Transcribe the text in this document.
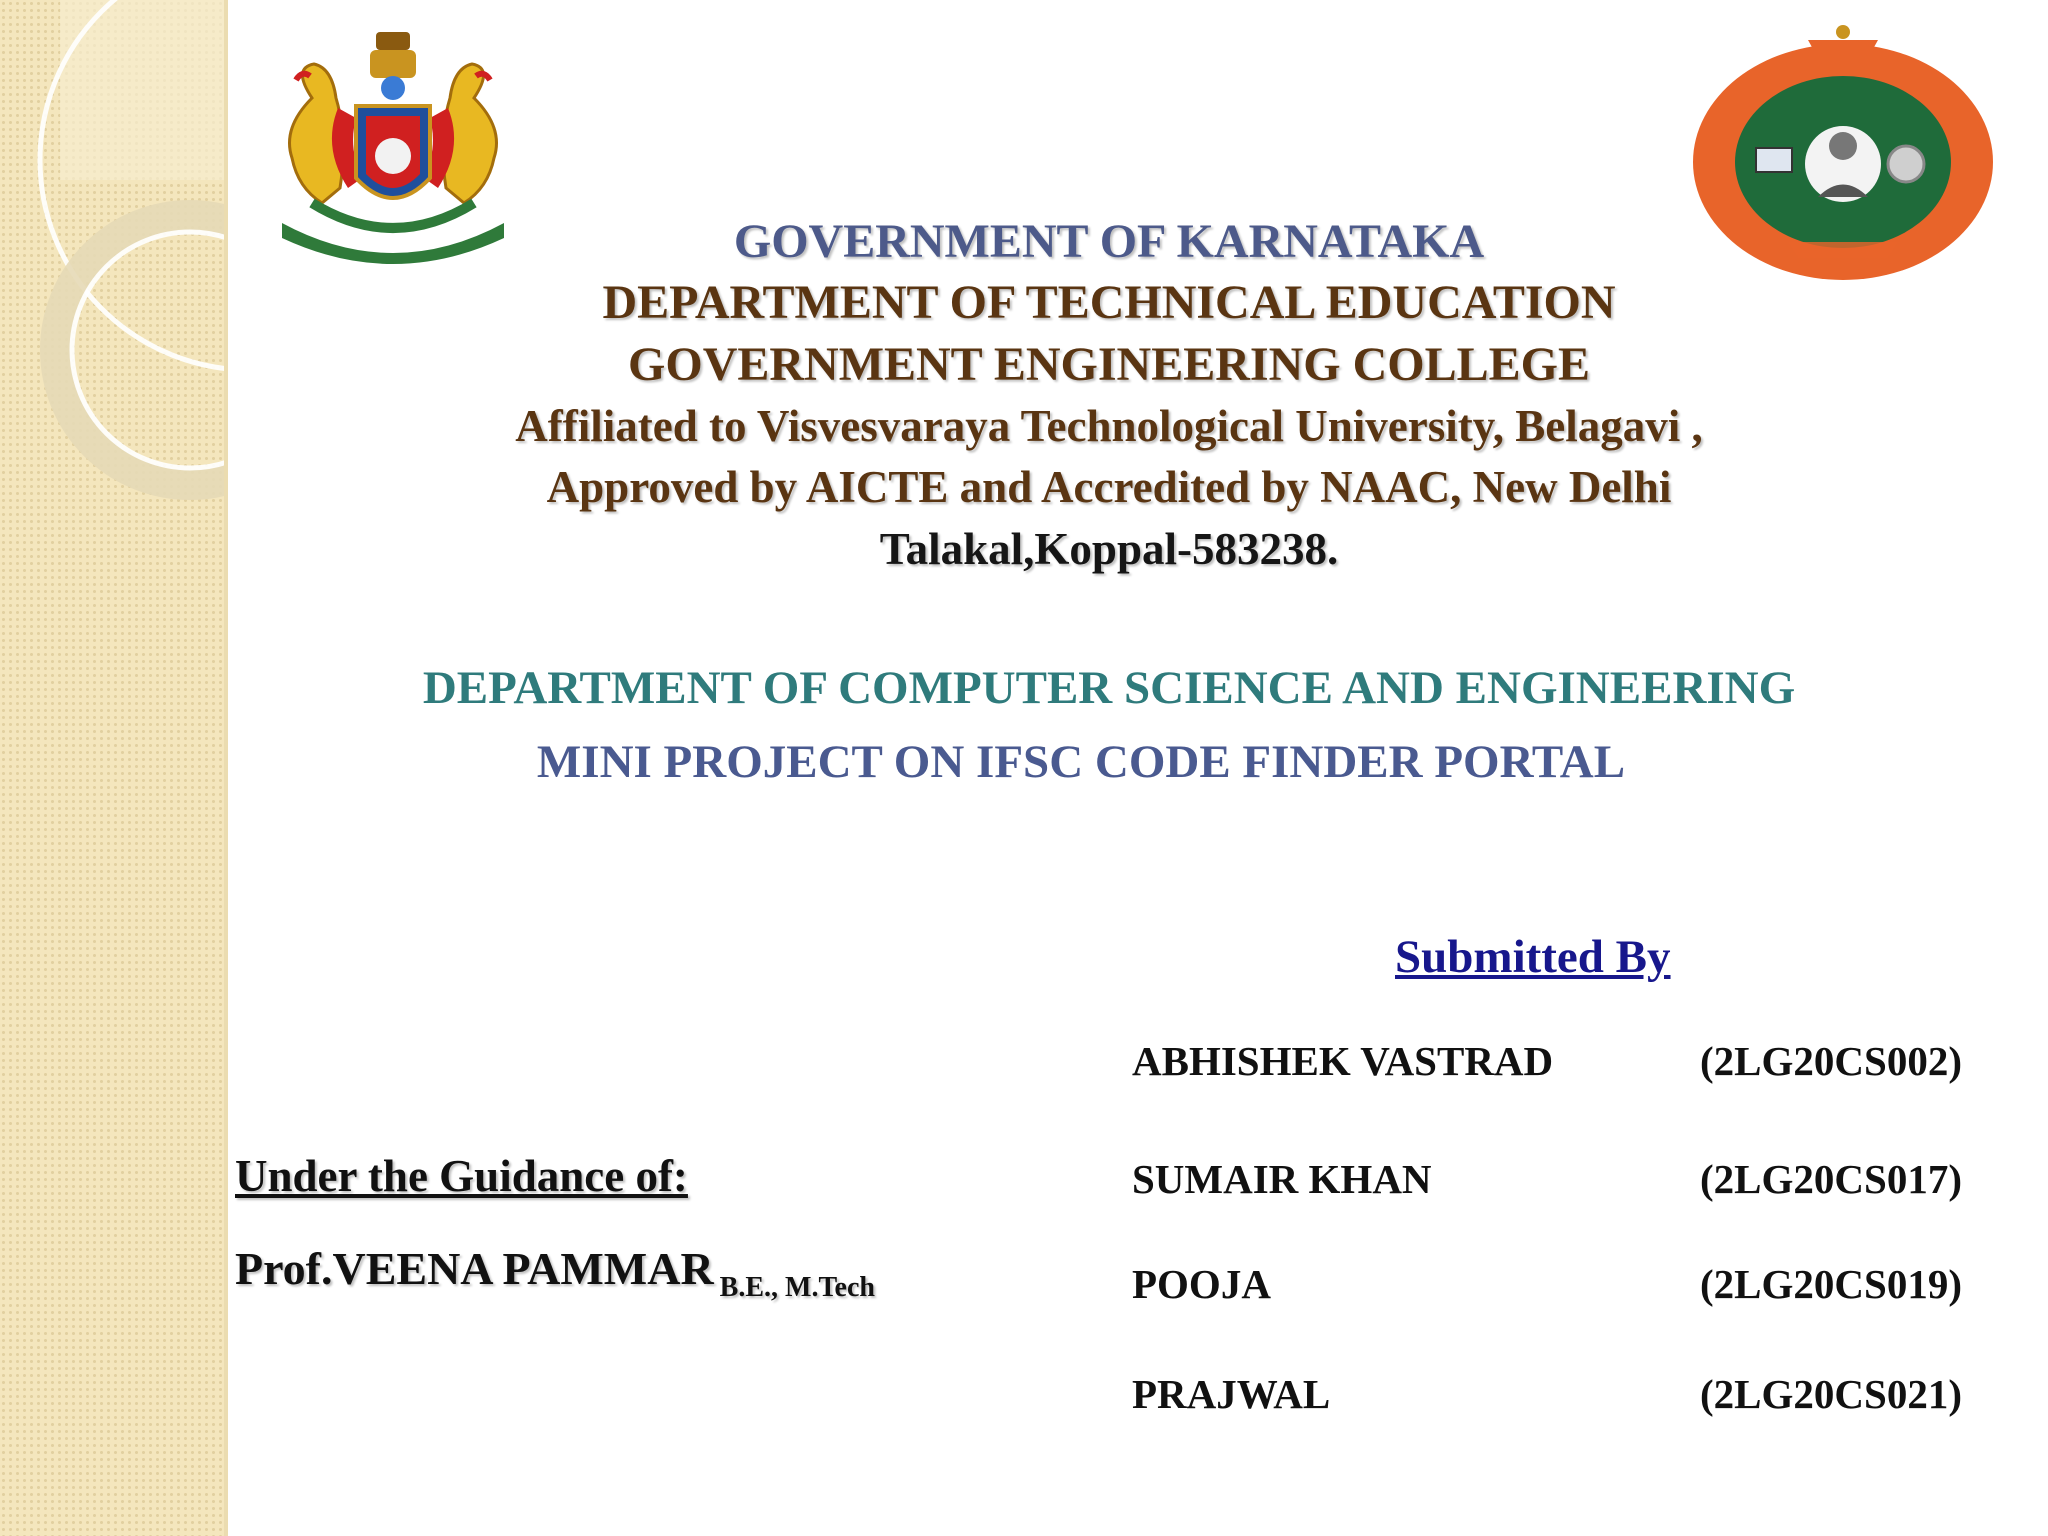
GOVERNMENT OF KARNATAKA
DEPARTMENT OF TECHNICAL EDUCATION
GOVERNMENT ENGINEERING COLLEGE
Affiliated to Visvesvaraya Technological University, Belagavi ,
Approved by AICTE and Accredited by NAAC, New Delhi
Talakal,Koppal-583238.
DEPARTMENT OF COMPUTER SCIENCE AND ENGINEERING
MINI PROJECT ON IFSC CODE FINDER PORTAL
Submitted By
ABHISHEK VASTRAD	(2LG20CS002)
SUMAIR KHAN	(2LG20CS017)
POOJA	(2LG20CS019)
PRAJWAL	(2LG20CS021)
Under the Guidance of:
Prof.VEENA PAMMAR $_{B.E., M.Tech}$
